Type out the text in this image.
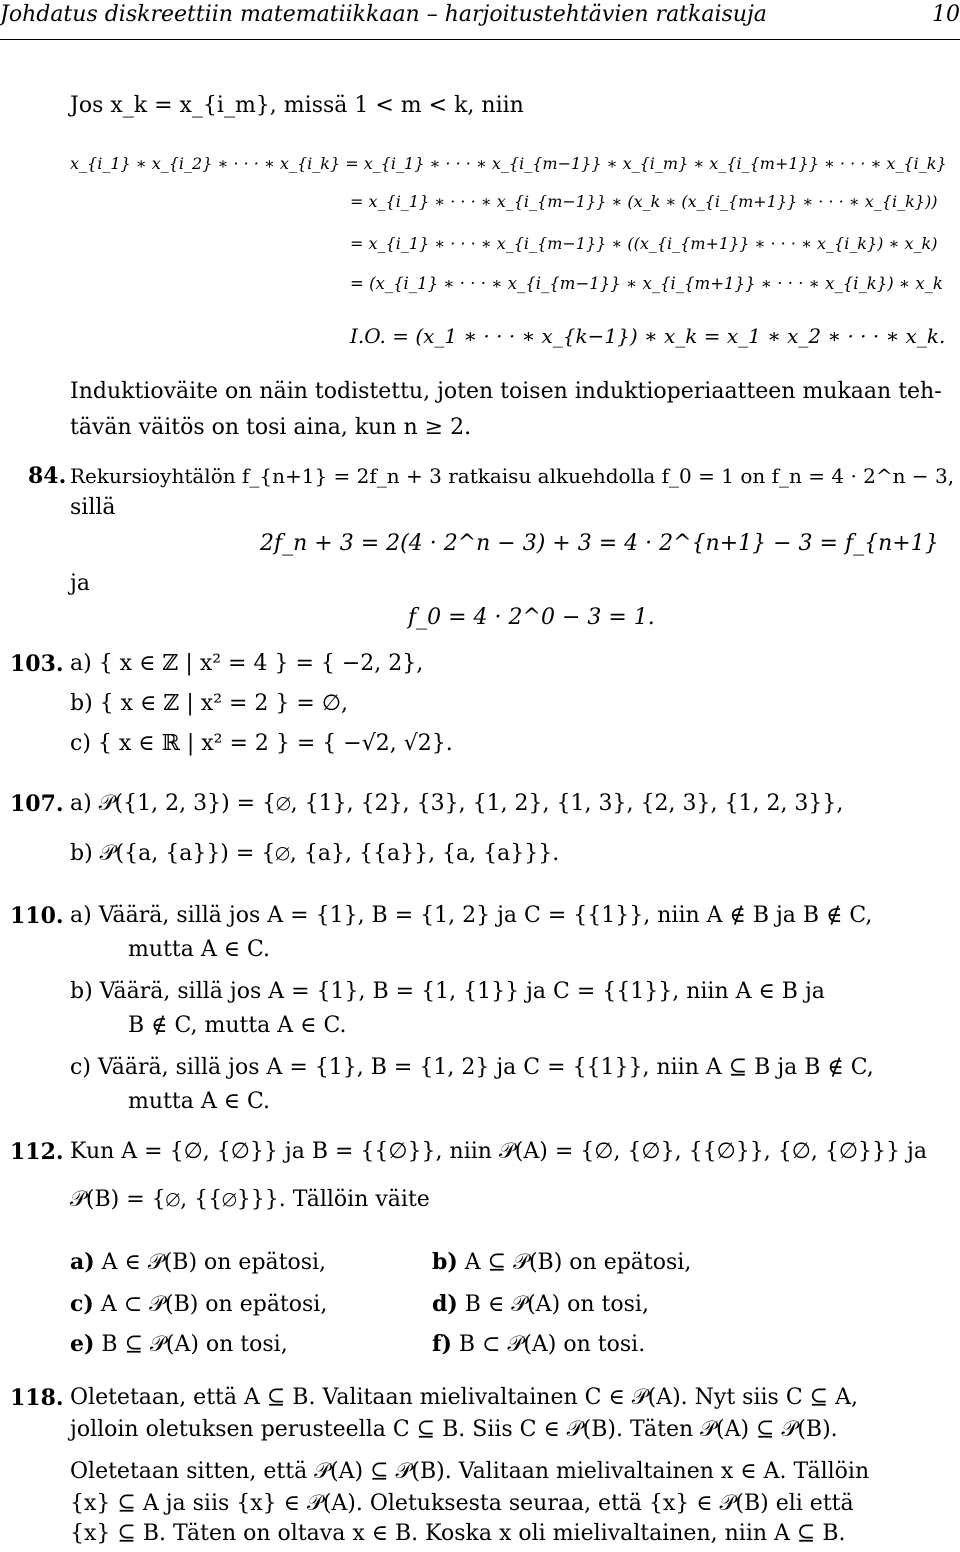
Johdatus diskreettiin matematiikkaan – harjoitustehtävien ratkaisuja	10
Jos x_k = x_{i_m}, missä 1 < m < k, niin
x_{i_1} ∗ x_{i_2} ∗ · · · ∗ x_{i_k} = x_{i_1} ∗ · · · ∗ x_{i_{m−1}} ∗ x_{i_m} ∗ x_{i_{m+1}} ∗ · · · ∗ x_{i_k}
= x_{i_1} ∗ · · · ∗ x_{i_{m−1}} ∗ (x_k ∗ (x_{i_{m+1}} ∗ · · · ∗ x_{i_k}))
= x_{i_1} ∗ · · · ∗ x_{i_{m−1}} ∗ ((x_{i_{m+1}} ∗ · · · ∗ x_{i_k}) ∗ x_k)
= (x_{i_1} ∗ · · · ∗ x_{i_{m−1}} ∗ x_{i_{m+1}} ∗ · · · ∗ x_{i_k}) ∗ x_k
I.O. = (x_1 ∗ · · · ∗ x_{k−1}) ∗ x_k = x_1 ∗ x_2 ∗ · · · ∗ x_k.
Induktioväite on näin todistettu, joten toisen induktioperiaatteen mukaan teh-
tävän väitös on tosi aina, kun n ≥ 2.
84. Rekursioyhtälön f_{n+1} = 2f_n + 3 ratkaisu alkuehdolla f_0 = 1 on f_n = 4 · 2^n − 3,
sillä
2f_n + 3 = 2(4 · 2^n − 3) + 3 = 4 · 2^{n+1} − 3 = f_{n+1}
ja
f_0 = 4 · 2^0 − 3 = 1.
103. a) { x ∈ ℤ | x² = 4 } = { −2, 2},
b) { x ∈ ℤ | x² = 2 } = ∅,
c) { x ∈ ℝ | x² = 2 } = { −√2, √2}.
107. a) 𝒫({1, 2, 3}) = {∅, {1}, {2}, {3}, {1, 2}, {1, 3}, {2, 3}, {1, 2, 3}},
b) 𝒫({a, {a}}) = {∅, {a}, {{a}}, {a, {a}}}.
110. a) Väärä, sillä jos A = {1}, B = {1, 2} ja C = {{1}}, niin A ∉ B ja B ∉ C,
mutta A ∈ C.
b) Väärä, sillä jos A = {1}, B = {1, {1}} ja C = {{1}}, niin A ∈ B ja
B ∉ C, mutta A ∈ C.
c) Väärä, sillä jos A = {1}, B = {1, 2} ja C = {{1}}, niin A ⊆ B ja B ∉ C,
mutta A ∈ C.
112. Kun A = {∅, {∅}} ja B = {{∅}}, niin 𝒫(A) = {∅, {∅}, {{∅}}, {∅, {∅}}} ja
𝒫(B) = {∅, {{∅}}}. Tällöin väite
a) A ∈ 𝒫(B) on epätosi,	b) A ⊆ 𝒫(B) on epätosi,
c) A ⊂ 𝒫(B) on epätosi,	d) B ∈ 𝒫(A) on tosi,
e) B ⊆ 𝒫(A) on tosi,	f) B ⊂ 𝒫(A) on tosi.
118. Oletetaan, että A ⊆ B. Valitaan mielivaltainen C ∈ 𝒫(A). Nyt siis C ⊆ A,
jolloin oletuksen perusteella C ⊆ B. Siis C ∈ 𝒫(B). Täten 𝒫(A) ⊆ 𝒫(B).
Oletetaan sitten, että 𝒫(A) ⊆ 𝒫(B). Valitaan mielivaltainen x ∈ A. Tällöin
{x} ⊆ A ja siis {x} ∈ 𝒫(A). Oletuksesta seuraa, että {x} ∈ 𝒫(B) eli että
{x} ⊆ B. Täten on oltava x ∈ B. Koska x oli mielivaltainen, niin A ⊆ B.
